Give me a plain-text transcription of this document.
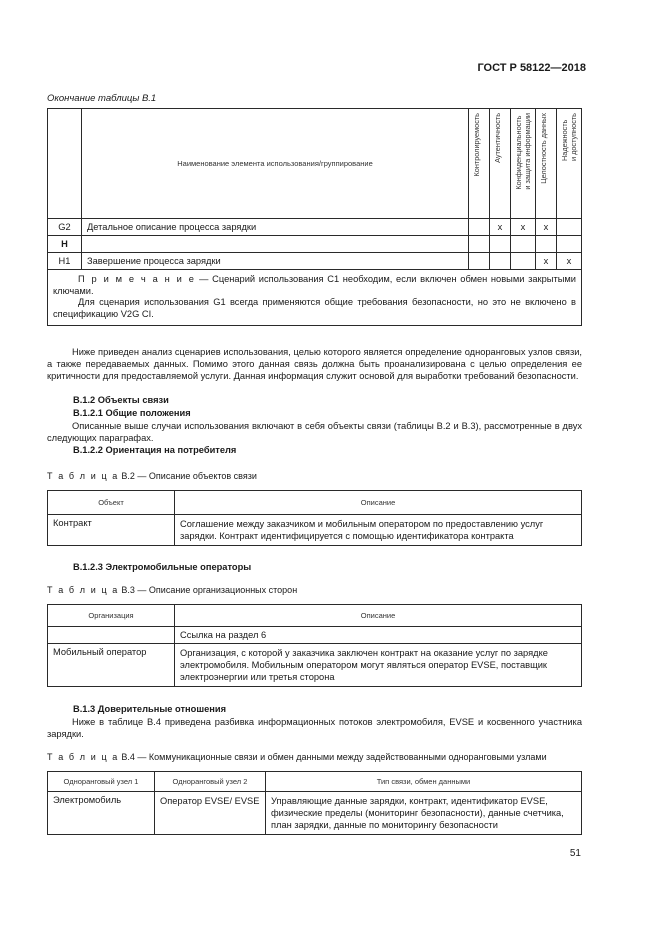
ГОСТ Р 58122—2018
Окончание таблицы В.1
	Наименование элемента использования/группирование	Контролируемость	Аутентичность	Конфиденциальность
и защита информации	Целостность данных	Надежность
и доступность

G2	Детальное описание процесса зарядки		x	x	x	
H						
H1	Завершение процесса зарядки				x	x

П р и м е ч а н и е — Сценарий использования C1 необходим, если включен обмен новыми закрытыми ключами.
Для сценария использования G1 всегда применяются общие требования безопасности, но это не включено в спецификацию V2G CI.						
Ниже приведен анализ сценариев использования, целью которого является определение одноранговых узлов связи, а также передаваемых данных. Помимо этого данная связь должна быть проанализирована с целью определения ее критичности для предоставляемой услуги. Данная информация служит основой для выработки требований безопасности.
В.1.2 Объекты связи
В.1.2.1 Общие положения
Описанные выше случаи использования включают в себя объекты связи (таблицы В.2 и В.3), рассмотренные в двух следующих параграфах.
В.1.2.2 Ориентация на потребителя
Т а б л и ц а В.2 — Описание объектов связи
Объект	Описание
Контракт	Соглашение между заказчиком и мобильным оператором по предоставлению услуг зарядки. Контракт идентифицируется с помощью идентификатора контракта
В.1.2.3 Электромобильные операторы
Т а б л и ц а В.3 — Описание организационных сторон
Организация	Описание
	Ссылка на раздел 6
Мобильный оператор	Организация, с которой у заказчика заключен контракт на оказание услуг по зарядке электромобиля. Мобильным оператором могут являться оператор EVSE, поставщик электроэнергии или третья сторона
В.1.3 Доверительные отношения
Ниже в таблице В.4 приведена разбивка информационных потоков электромобиля, EVSE и косвенного участника зарядки.
Т а б л и ц а В.4 — Коммуникационные связи и обмен данными между задействованными одноранговыми узлами
Одноранговый узел 1	Одноранговый узел 2	Тип связи, обмен данными
Электромобиль	Оператор EVSE/ EVSE	Управляющие данные зарядки, контракт, идентификатор EVSE, физические пределы (мониторинг безопасности), данные счетчика, план зарядки, данные по мониторингу безопасности
51
